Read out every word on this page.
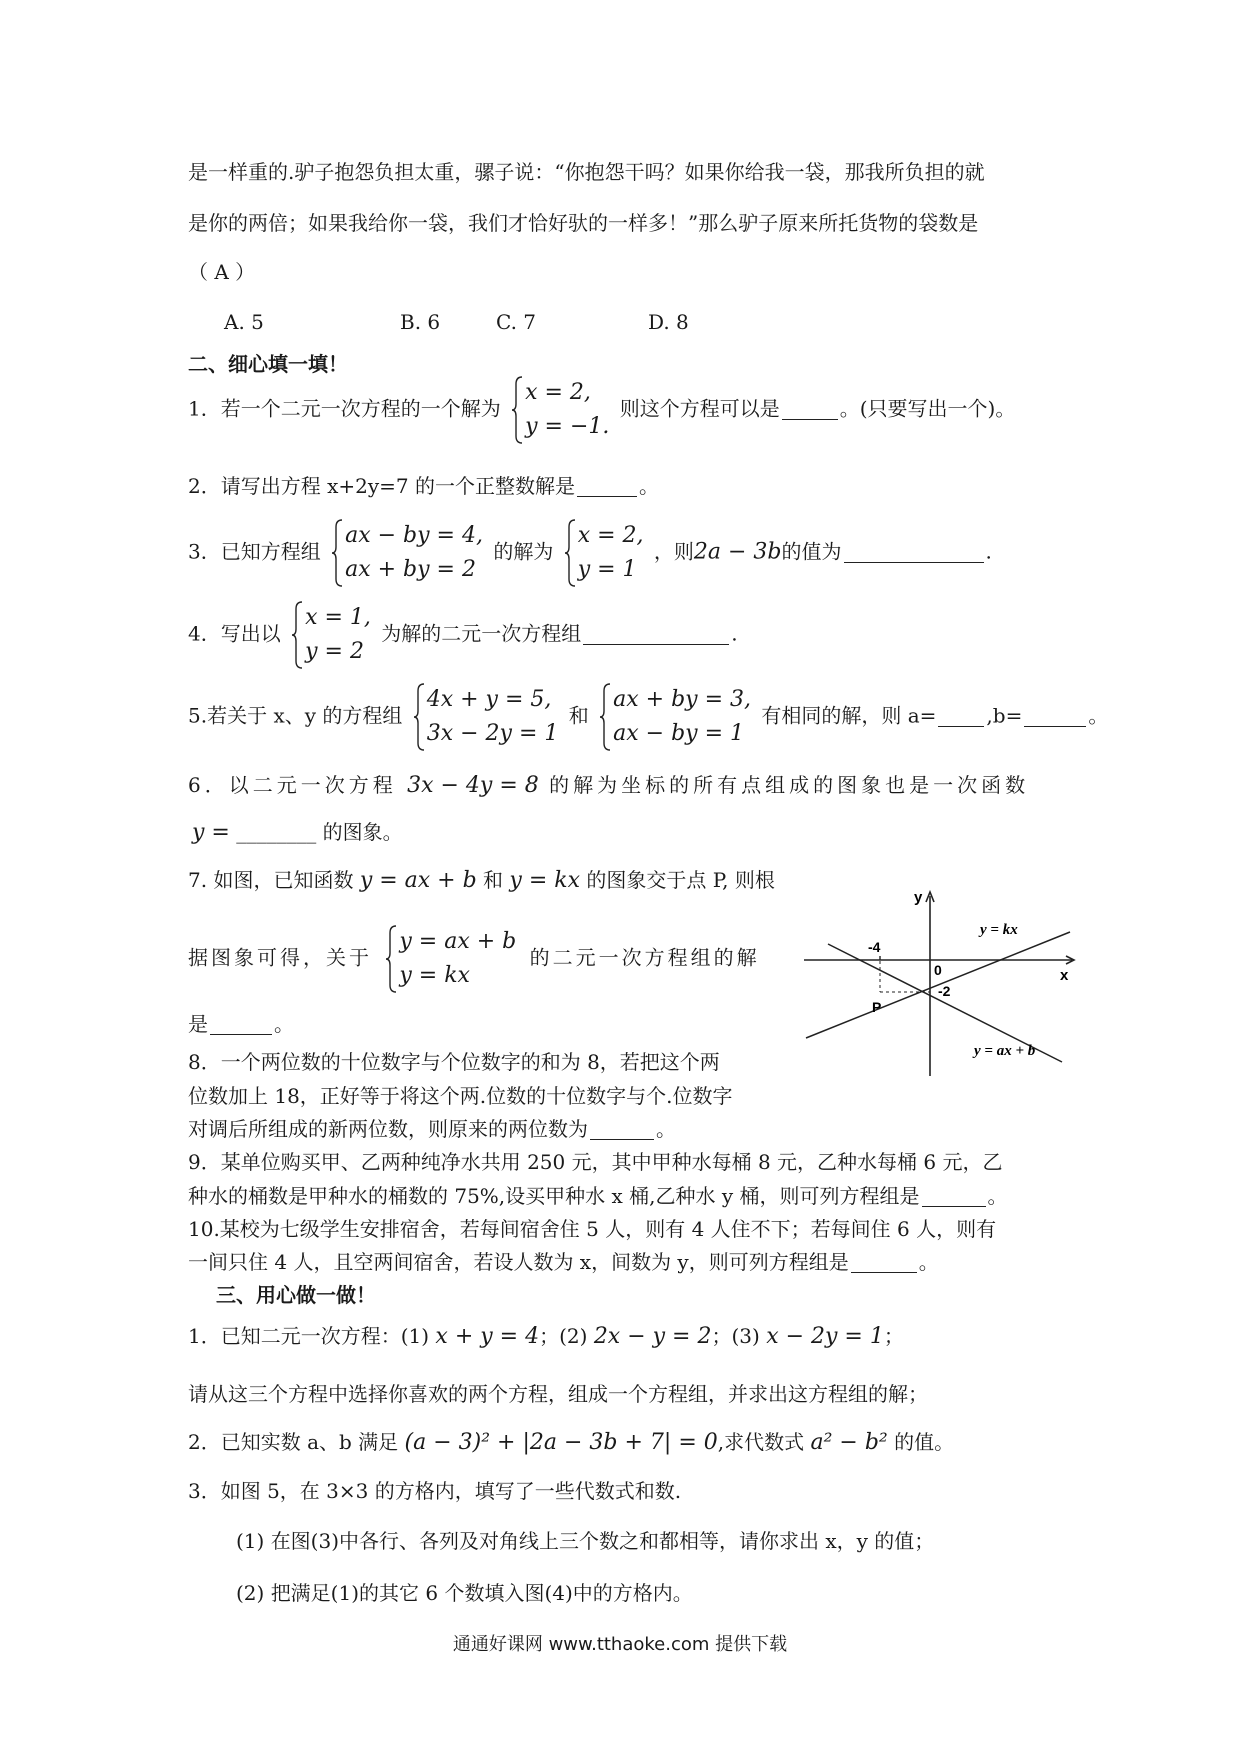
是一样重的.驴子抱怨负担太重，骡子说：“你抱怨干吗？如果你给我一袋，那我所负担的就
是你的两倍；如果我给你一袋，我们才恰好驮的一样多！”那么驴子原来所托货物的袋数是
（ A ）
A. 5	B. 6	C. 7	D. 8
二、细心填一填！
1．若一个二元一次方程的一个解为
x = 2,
y = −1.
则这个方程可以是	。(只要写出一个)。
2．请写出方程 x+2y=7 的一个正整数解是	。
3．已知方程组
ax − by = 4,
ax + by = 2
的解为
x = 2,
y = 1
，则2a − 3b的值为	.
4．写出以
x = 1,
y = 2
为解的二元一次方程组	.
5.若关于 x、y 的方程组
4x + y = 5,
3x − 2y = 1
和
ax + by = 3,
ax − by = 1
有相同的解，则 a=	,b=	。
6．以二元一次方程 3x − 4y = 8 的解为坐标的所有点组成的图象也是一次函数
y = ________ 的图象。
7. 如图，已知函数 y = ax + b 和 y = kx 的图象交于点 P, 则根
据图象可得，关于
y = ax + b
y = kx
的二元一次方程组的解
是	。
y
x
0
-4
-2
P
y = kx
y = ax + b
8．一个两位数的十位数字与个位数字的和为 8，若把这个两
位数加上 18，正好等于将这个两.位数的十位数字与个.位数字
对调后所组成的新两位数，则原来的两位数为	。
9．某单位购买甲、乙两种纯净水共用 250 元，其中甲种水每桶 8 元，乙种水每桶 6 元，乙
种水的桶数是甲种水的桶数的 75%,设买甲种水 x 桶,乙种水 y 桶，则可列方程组是	。
10.某校为七级学生安排宿舍，若每间宿舍住 5 人，则有 4 人住不下；若每间住 6 人，则有
一间只住 4 人，且空两间宿舍，若设人数为 x，间数为 y，则可列方程组是	。
三、用心做一做！
1．已知二元一次方程：(1) x + y = 4；(2) 2x − y = 2；(3) x − 2y = 1；
请从这三个方程中选择你喜欢的两个方程，组成一个方程组，并求出这方程组的解；
2．已知实数 a、b 满足 (a − 3)² + |2a − 3b + 7| = 0,求代数式 a² − b² 的值。
3．如图 5，在 3×3 的方格内，填写了一些代数式和数.
(1) 在图(3)中各行、各列及对角线上三个数之和都相等，请你求出 x，y 的值；
(2) 把满足(1)的其它 6 个数填入图(4)中的方格内。
通通好课网 www.tthaoke.com 提供下载
